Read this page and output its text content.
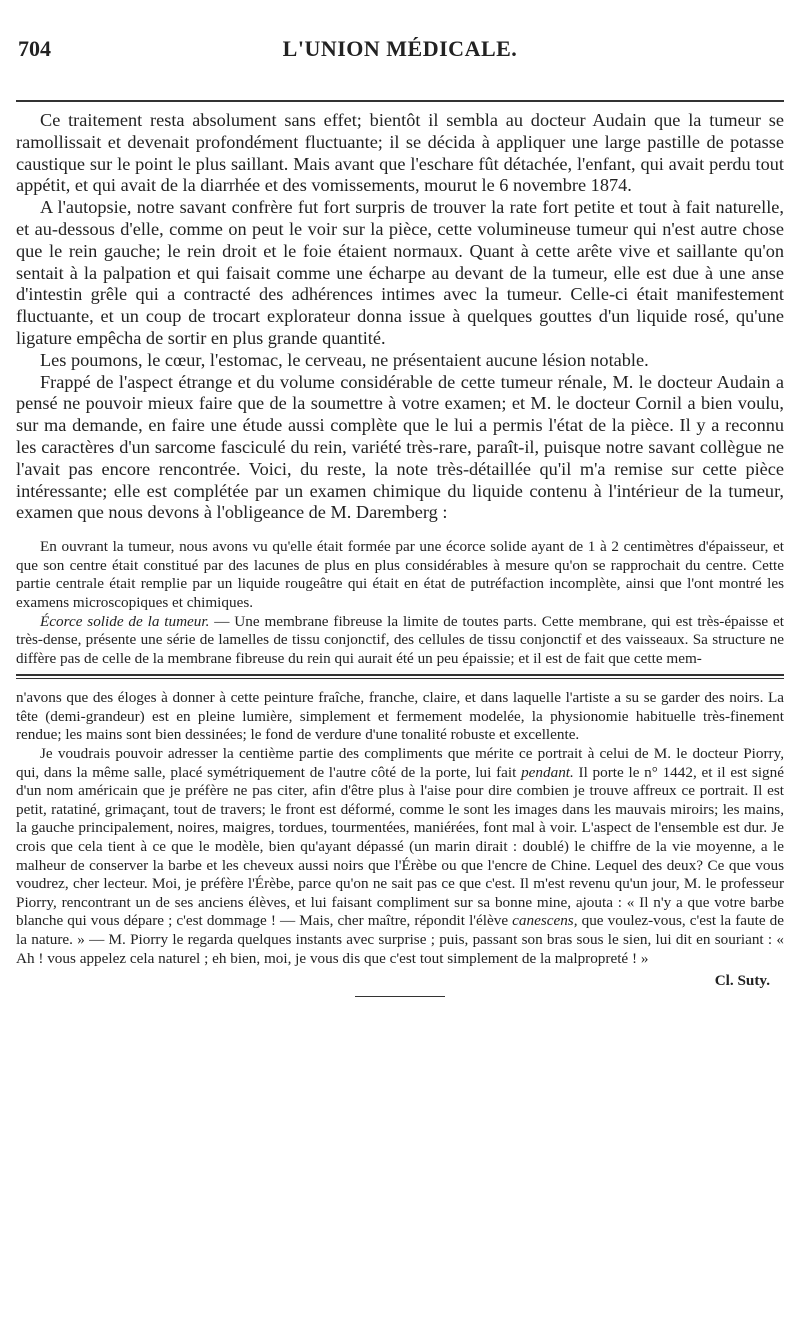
704	L'UNION MÉDICALE.

Ce traitement resta absolument sans effet; bientôt il sembla au docteur Audain que la tumeur se ramollissait et devenait profondément fluctuante; il se décida à appliquer une large pastille de potasse caustique sur le point le plus saillant. Mais avant que l'eschare fût détachée, l'enfant, qui avait perdu tout appétit, et qui avait de la diarrhée et des vomissements, mourut le 6 novembre 1874.

A l'autopsie, notre savant confrère fut fort surpris de trouver la rate fort petite et tout à fait naturelle, et au-dessous d'elle, comme on peut le voir sur la pièce, cette volumineuse tumeur qui n'est autre chose que le rein gauche; le rein droit et le foie étaient normaux. Quant à cette arête vive et saillante qu'on sentait à la palpation et qui faisait comme une écharpe au devant de la tumeur, elle est due à une anse d'intestin grêle qui a contracté des adhérences intimes avec la tumeur. Celle-ci était manifestement fluctuante, et un coup de trocart explorateur donna issue à quelques gouttes d'un liquide rosé, qu'une ligature empêcha de sortir en plus grande quantité.

Les poumons, le cœur, l'estomac, le cerveau, ne présentaient aucune lésion notable.

Frappé de l'aspect étrange et du volume considérable de cette tumeur rénale, M. le docteur Audain a pensé ne pouvoir mieux faire que de la soumettre à votre examen; et M. le docteur Cornil a bien voulu, sur ma demande, en faire une étude aussi complète que le lui a permis l'état de la pièce. Il y a reconnu les caractères d'un sarcome fasciculé du rein, variété très-rare, paraît-il, puisque notre savant collègue ne l'avait pas encore rencontrée. Voici, du reste, la note très-détaillée qu'il m'a remise sur cette pièce intéressante; elle est complétée par un examen chimique du liquide contenu à l'intérieur de la tumeur, examen que nous devons à l'obligeance de M. Daremberg :

En ouvrant la tumeur, nous avons vu qu'elle était formée par une écorce solide ayant de 1 à 2 centimètres d'épaisseur, et que son centre était constitué par des lacunes de plus en plus considérables à mesure qu'on se rapprochait du centre. Cette partie centrale était remplie par un liquide rougeâtre qui était en état de putréfaction incomplète, ainsi que l'ont montré les examens microscopiques et chimiques.

Écorce solide de la tumeur. — Une membrane fibreuse la limite de toutes parts. Cette membrane, qui est très-épaisse et très-dense, présente une série de lamelles de tissu conjonctif, des cellules de tissu conjonctif et des vaisseaux. Sa structure ne diffère pas de celle de la membrane fibreuse du rein qui aurait été un peu épaissie; et il est de fait que cette mem-

n'avons que des éloges à donner à cette peinture fraîche, franche, claire, et dans laquelle l'artiste a su se garder des noirs. La tête (demi-grandeur) est en pleine lumière, simplement et fermement modelée, la physionomie habituelle très-finement rendue; les mains sont bien dessinées; le fond de verdure d'une tonalité robuste et excellente.

Je voudrais pouvoir adresser la centième partie des compliments que mérite ce portrait à celui de M. le docteur Piorry, qui, dans la même salle, placé symétriquement de l'autre côté de la porte, lui fait pendant. Il porte le n° 1442, et il est signé d'un nom américain que je préfère ne pas citer, afin d'être plus à l'aise pour dire combien je trouve affreux ce portrait. Il est petit, ratatiné, grimaçant, tout de travers; le front est déformé, comme le sont les images dans les mauvais miroirs; les mains, la gauche principalement, noires, maigres, tordues, tourmentées, maniérées, font mal à voir. L'aspect de l'ensemble est dur. Je crois que cela tient à ce que le modèle, bien qu'ayant dépassé (un marin dirait : doublé) le chiffre de la vie moyenne, a le malheur de conserver la barbe et les cheveux aussi noirs que l'Érèbe ou que l'encre de Chine. Lequel des deux? Ce que vous voudrez, cher lecteur. Moi, je préfère l'Érèbe, parce qu'on ne sait pas ce que c'est. Il m'est revenu qu'un jour, M. le professeur Piorry, rencontrant un de ses anciens élèves, et lui faisant compliment sur sa bonne mine, ajouta : « Il n'y a que votre barbe blanche qui vous dépare ; c'est dommage ! — Mais, cher maître, répondit l'élève canescens, que voulez-vous, c'est la faute de la nature. » — M. Piorry le regarda quelques instants avec surprise ; puis, passant son bras sous le sien, lui dit en souriant : « Ah ! vous appelez cela naturel ; eh bien, moi, je vous dis que c'est tout simplement de la malpropreté ! »

Cl. Suty.
